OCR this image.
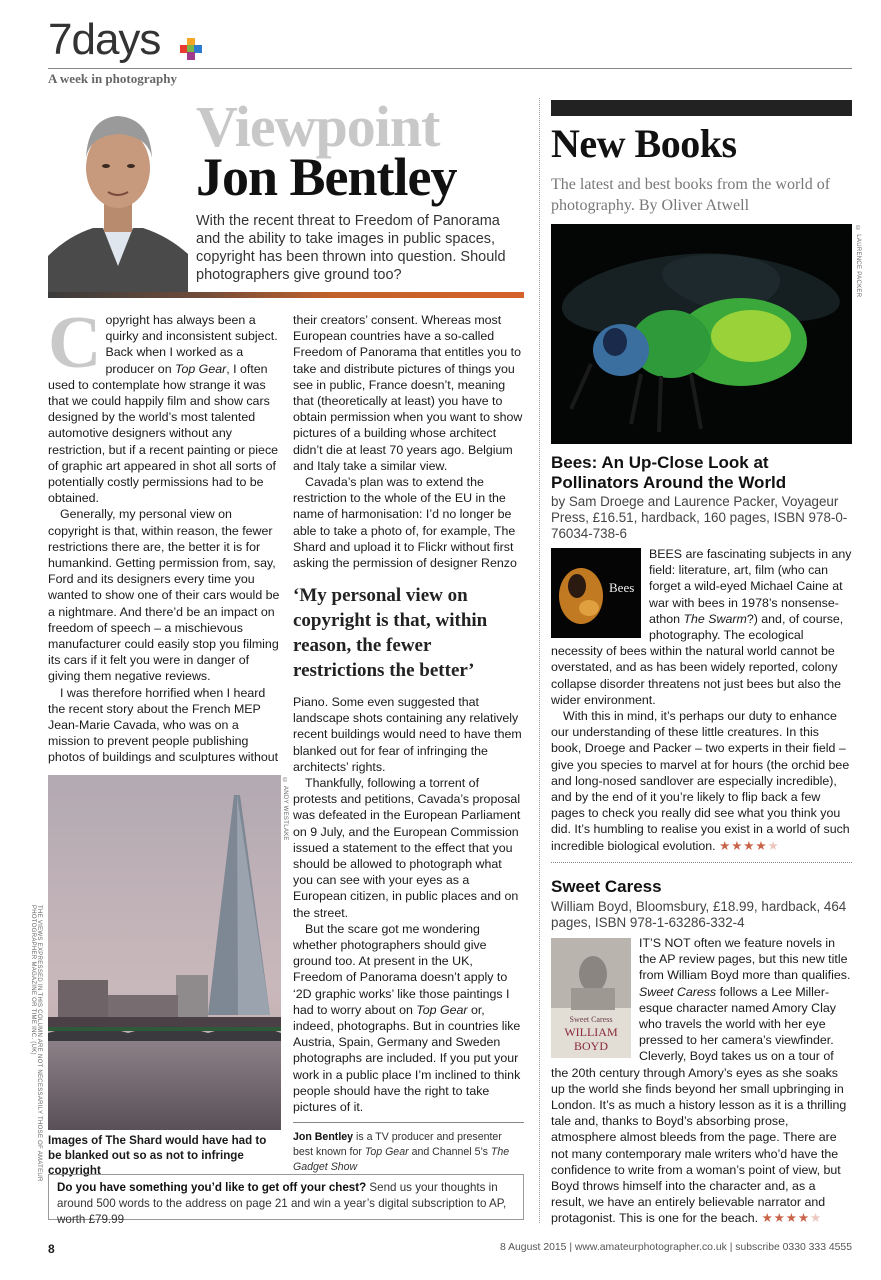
7days
A week in photography
Viewpoint
Jon Bentley
With the recent threat to Freedom of Panorama and the ability to take images in public spaces, copyright has been thrown into question. Should photographers give ground too?

Copyright has always been a quirky and inconsistent subject. Back when I worked as a producer on Top Gear, I often used to contemplate how strange it was that we could happily film and show cars designed by the world’s most talented automotive designers without any restriction, but if a recent painting or piece of graphic art appeared in shot all sorts of potentially costly permissions had to be obtained.

Generally, my personal view on copyright is that, within reason, the fewer restrictions there are, the better it is for humankind. Getting permission from, say, Ford and its designers every time you wanted to show one of their cars would be a nightmare. And there’d be an impact on freedom of speech – a mischievous manufacturer could easily stop you filming its cars if it felt you were in danger of giving them negative reviews.

I was therefore horrified when I heard the recent story about the French MEP Jean-Marie Cavada, who was on a mission to prevent people publishing photos of buildings and sculptures without

their creators’ consent. Whereas most European countries have a so-called Freedom of Panorama that entitles you to take and distribute pictures of things you see in public, France doesn’t, meaning that (theoretically at least) you have to obtain permission when you want to show pictures of a building whose architect didn’t die at least 70 years ago. Belgium and Italy take a similar view.

Cavada’s plan was to extend the restriction to the whole of the EU in the name of harmonisation: I’d no longer be able to take a photo of, for example, The Shard and upload it to Flickr without first asking the permission of designer Renzo

‘My personal view on copyright is that, within reason, the fewer restrictions the better’

Piano. Some even suggested that landscape shots containing any relatively recent buildings would need to have them blanked out for fear of infringing the architects’ rights.

Thankfully, following a torrent of protests and petitions, Cavada’s proposal was defeated in the European Parliament on 9 July, and the European Commission issued a statement to the effect that you should be allowed to photograph what you can see with your eyes as a European citizen, in public places and on the street.

But the scare got me wondering whether photographers should give ground too. At present in the UK, Freedom of Panorama doesn’t apply to ‘2D graphic works’ like those paintings I had to worry about on Top Gear or, indeed, photographs. But in countries like Austria, Spain, Germany and Sweden photographs are included. If you put your work in a public place I’m inclined to think people should have the right to take pictures of it.

© ANDY WESTLAKE
Images of The Shard would have had to be blanked out so as not to infringe copyright
Jon Bentley is a TV producer and presenter best known for Top Gear and Channel 5’s The Gadget Show
Do you have something you’d like to get off your chest? Send us your thoughts in around 500 words to the address on page 21 and win a year’s digital subscription to AP, worth £79.99
THE VIEWS EXPRESSED IN THIS COLUMN ARE NOT NECESSARILY THOSE OF AMATEUR PHOTOGRAPHER MAGAZINE OR TIME INC. (UK)
New Books
The latest and best books from the world of photography. By Oliver Atwell
© LAURENCE PACKER
Bees: An Up-Close Look at Pollinators Around the World
by Sam Droege and Laurence Packer, Voyageur Press, £16.51, hardback, 160 pages, ISBN 978-0-76034-738-6
Bees

BEES are fascinating subjects in any field: literature, art, film (who can forget a wild-eyed Michael Caine at war with bees in 1978’s nonsense-athon The Swarm?) and, of course, photography. The ecological necessity of bees within the natural world cannot be overstated, and as has been widely reported, colony collapse disorder threatens not just bees but also the wider environment.

With this in mind, it’s perhaps our duty to enhance our understanding of these little creatures. In this book, Droege and Packer – two experts in their field – give you species to marvel at for hours (the orchid bee and long-nosed sandlover are especially incredible), and by the end of it you’re likely to flip back a few pages to check you really did see what you think you did. It’s humbling to realise you exist in a world of such incredible biological evolution. ★★★★★

Sweet Caress
William Boyd, Bloomsbury, £18.99, hardback, 464 pages, ISBN 978-1-63286-332-4
Sweet Caress
WILLIAM
BOYD

IT’S NOT often we feature novels in the AP review pages, but this new title from William Boyd more than qualifies. Sweet Caress follows a Lee Miller-esque character named Amory Clay who travels the world with her eye pressed to her camera’s viewfinder. Cleverly, Boyd takes us on a tour of the 20th century through Amory’s eyes as she soaks up the world she finds beyond her small upbringing in London. It’s as much a history lesson as it is a thrilling tale and, thanks to Boyd’s absorbing prose, atmosphere almost bleeds from the page. There are not many contemporary male writers who’d have the confidence to write from a woman’s point of view, but Boyd throws himself into the character and, as a result, we have an entirely believable narrator and protagonist. This is one for the beach. ★★★★★

8	8 August 2015 | www.amateurphotographer.co.uk | subscribe 0330 333 4555
